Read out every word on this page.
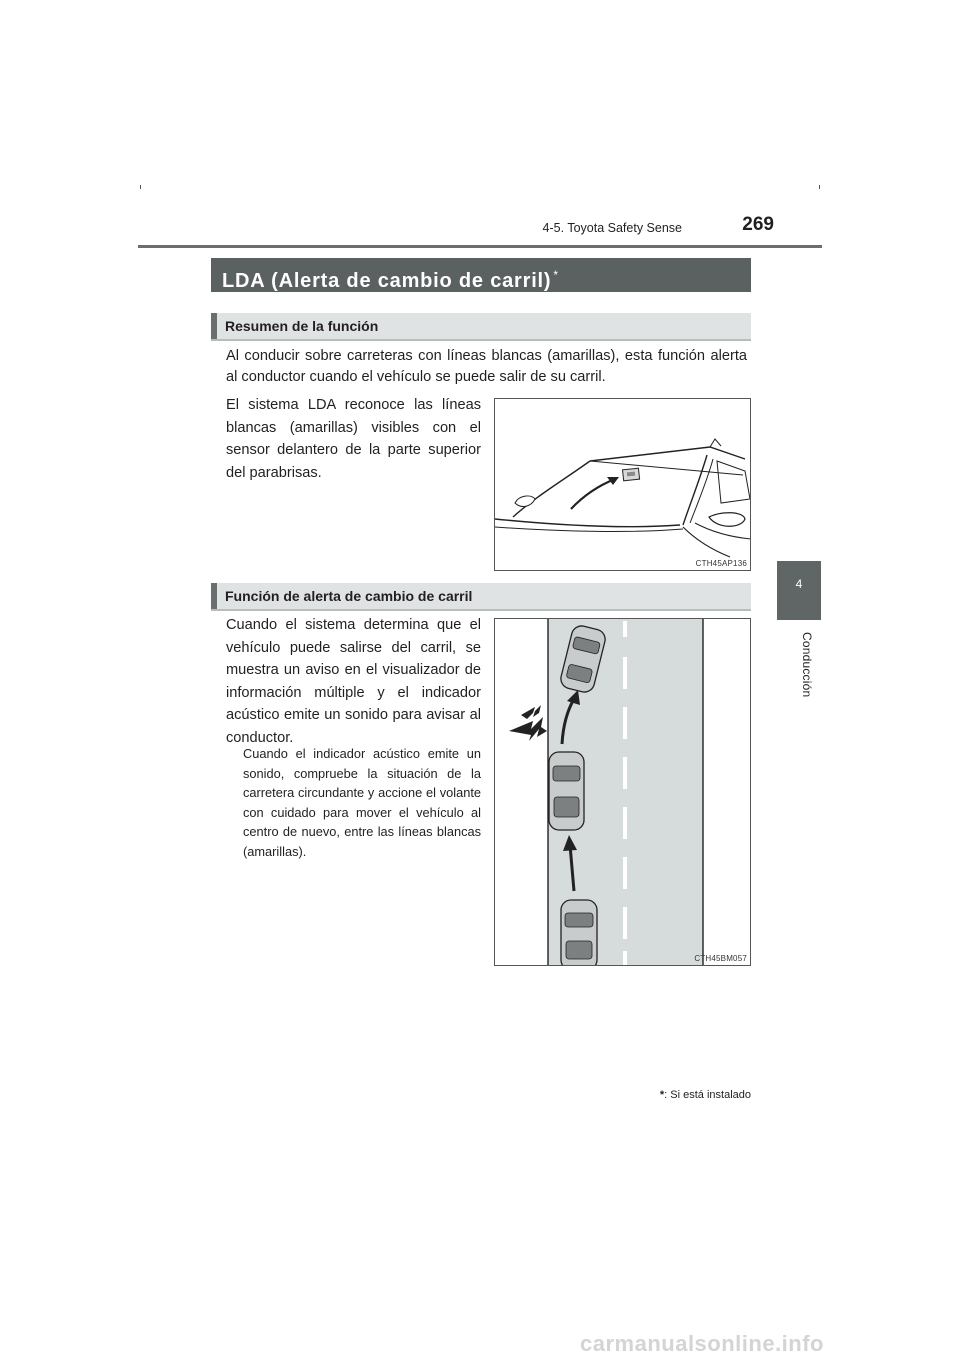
4-5. Toyota Safety Sense	269
4
Conducción
LDA (Alerta de cambio de carril) *
Resumen de la función
Al conducir sobre carreteras con líneas blancas (amarillas), esta función alerta al conductor cuando el vehículo se puede salir de su carril.
El sistema LDA reconoce las líneas blancas (amarillas) visibles con el sensor delantero de la parte superior del parabrisas.
CTH45AP136
Función de alerta de cambio de carril
Cuando el sistema determina que el vehículo puede salirse del carril, se muestra un aviso en el visualizador de información múltiple y el indicador acústico emite un sonido para avisar al conductor.
Cuando el indicador acústico emite un sonido, compruebe la situación de la carretera circundante y accione el volante con cuidado para mover el vehículo al centro de nuevo, entre las líneas blancas (amarillas).
CTH45BM057
*: Si está instalado
carmanualsonline.info
